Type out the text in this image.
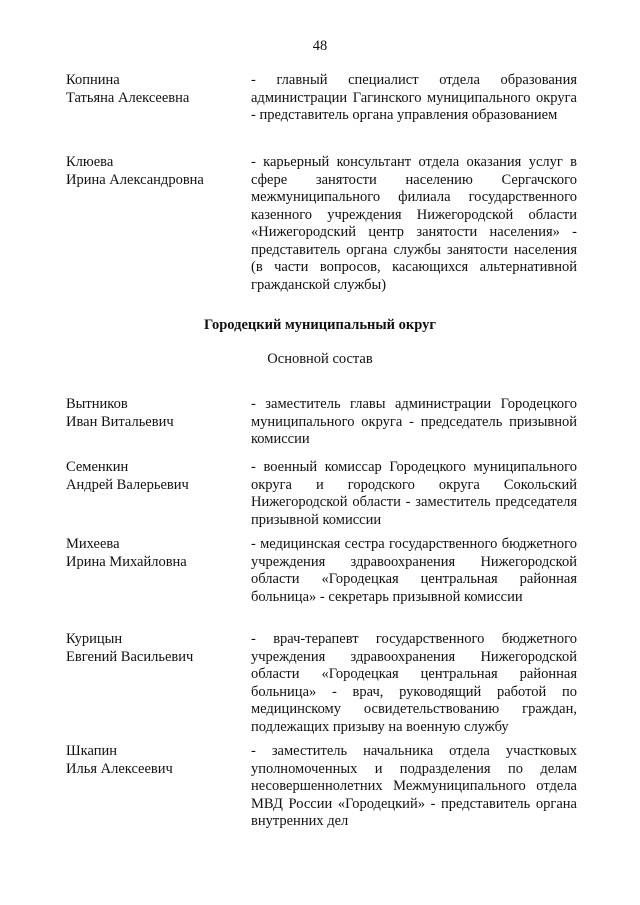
48
Копнина
Татьяна Алексеевна
- главный специалист отдела образования администрации Гагинского муниципального округа - представитель органа управления образованием
Клюева
Ирина Александровна
- карьерный консультант отдела оказания услуг в сфере занятости населению Сергачского межмуниципального филиала государственного казенного учреждения Нижегородской области «Нижегородский центр занятости населения» - представитель органа службы занятости населения (в части вопросов, касающихся альтернативной гражданской службы)
Городецкий муниципальный округ
Основной состав
Вытников
Иван Витальевич
- заместитель главы администрации Городецкого муниципального округа - председатель призывной комиссии
Семенкин
Андрей Валерьевич
- военный комиссар Городецкого муниципального округа и городского округа Сокольский Нижегородской области - заместитель председателя призывной комиссии
Михеева
Ирина Михайловна
- медицинская сестра государственного бюджетного учреждения здравоохранения Нижегородской области «Городецкая центральная районная больница» - секретарь призывной комиссии
Курицын
Евгений Васильевич
- врач-терапевт государственного бюджетного учреждения здравоохранения Нижегородской области «Городецкая центральная районная больница» - врач, руководящий работой по медицинскому освидетельствованию граждан, подлежащих призыву на военную службу
Шкапин
Илья Алексеевич
- заместитель начальника отдела участковых уполномоченных и подразделения по делам несовершеннолетних Межмуниципального отдела МВД России «Городецкий» - представитель органа внутренних дел
